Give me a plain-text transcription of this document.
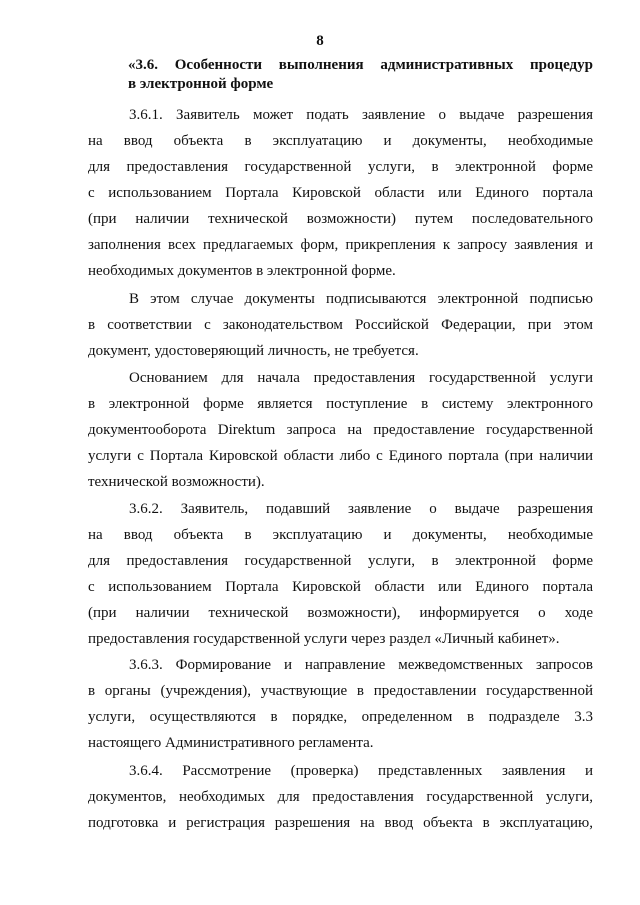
8
«3.6. Особенности выполнения административных процедур
в электронной форме
3.6.1. Заявитель может подать заявление о выдаче разрешения
на ввод объекта в эксплуатацию и документы, необходимые
для предоставления государственной услуги, в электронной форме
с использованием Портала Кировской области или Единого портала
(при наличии технической возможности) путем последовательного
заполнения всех предлагаемых форм, прикрепления к запросу заявления и
необходимых документов в электронной форме.
В этом случае документы подписываются электронной подписью
в соответствии с законодательством Российской Федерации, при этом
документ, удостоверяющий личность, не требуется.
Основанием для начала предоставления государственной услуги
в электронной форме является поступление в систему электронного
документооборота Direktum запроса на предоставление государственной
услуги с Портала Кировской области либо с Единого портала (при наличии
технической возможности).
3.6.2. Заявитель, подавший заявление о выдаче разрешения
на ввод объекта в эксплуатацию и документы, необходимые
для предоставления государственной услуги, в электронной форме
с использованием Портала Кировской области или Единого портала
(при наличии технической возможности), информируется о ходе
предоставления государственной услуги через раздел «Личный кабинет».
3.6.3. Формирование и направление межведомственных запросов
в органы (учреждения), участвующие в предоставлении государственной
услуги, осуществляются в порядке, определенном в подразделе 3.3
настоящего Административного регламента.
3.6.4. Рассмотрение (проверка) представленных заявления и
документов, необходимых для предоставления государственной услуги,
подготовка и регистрация разрешения на ввод объекта в эксплуатацию,
